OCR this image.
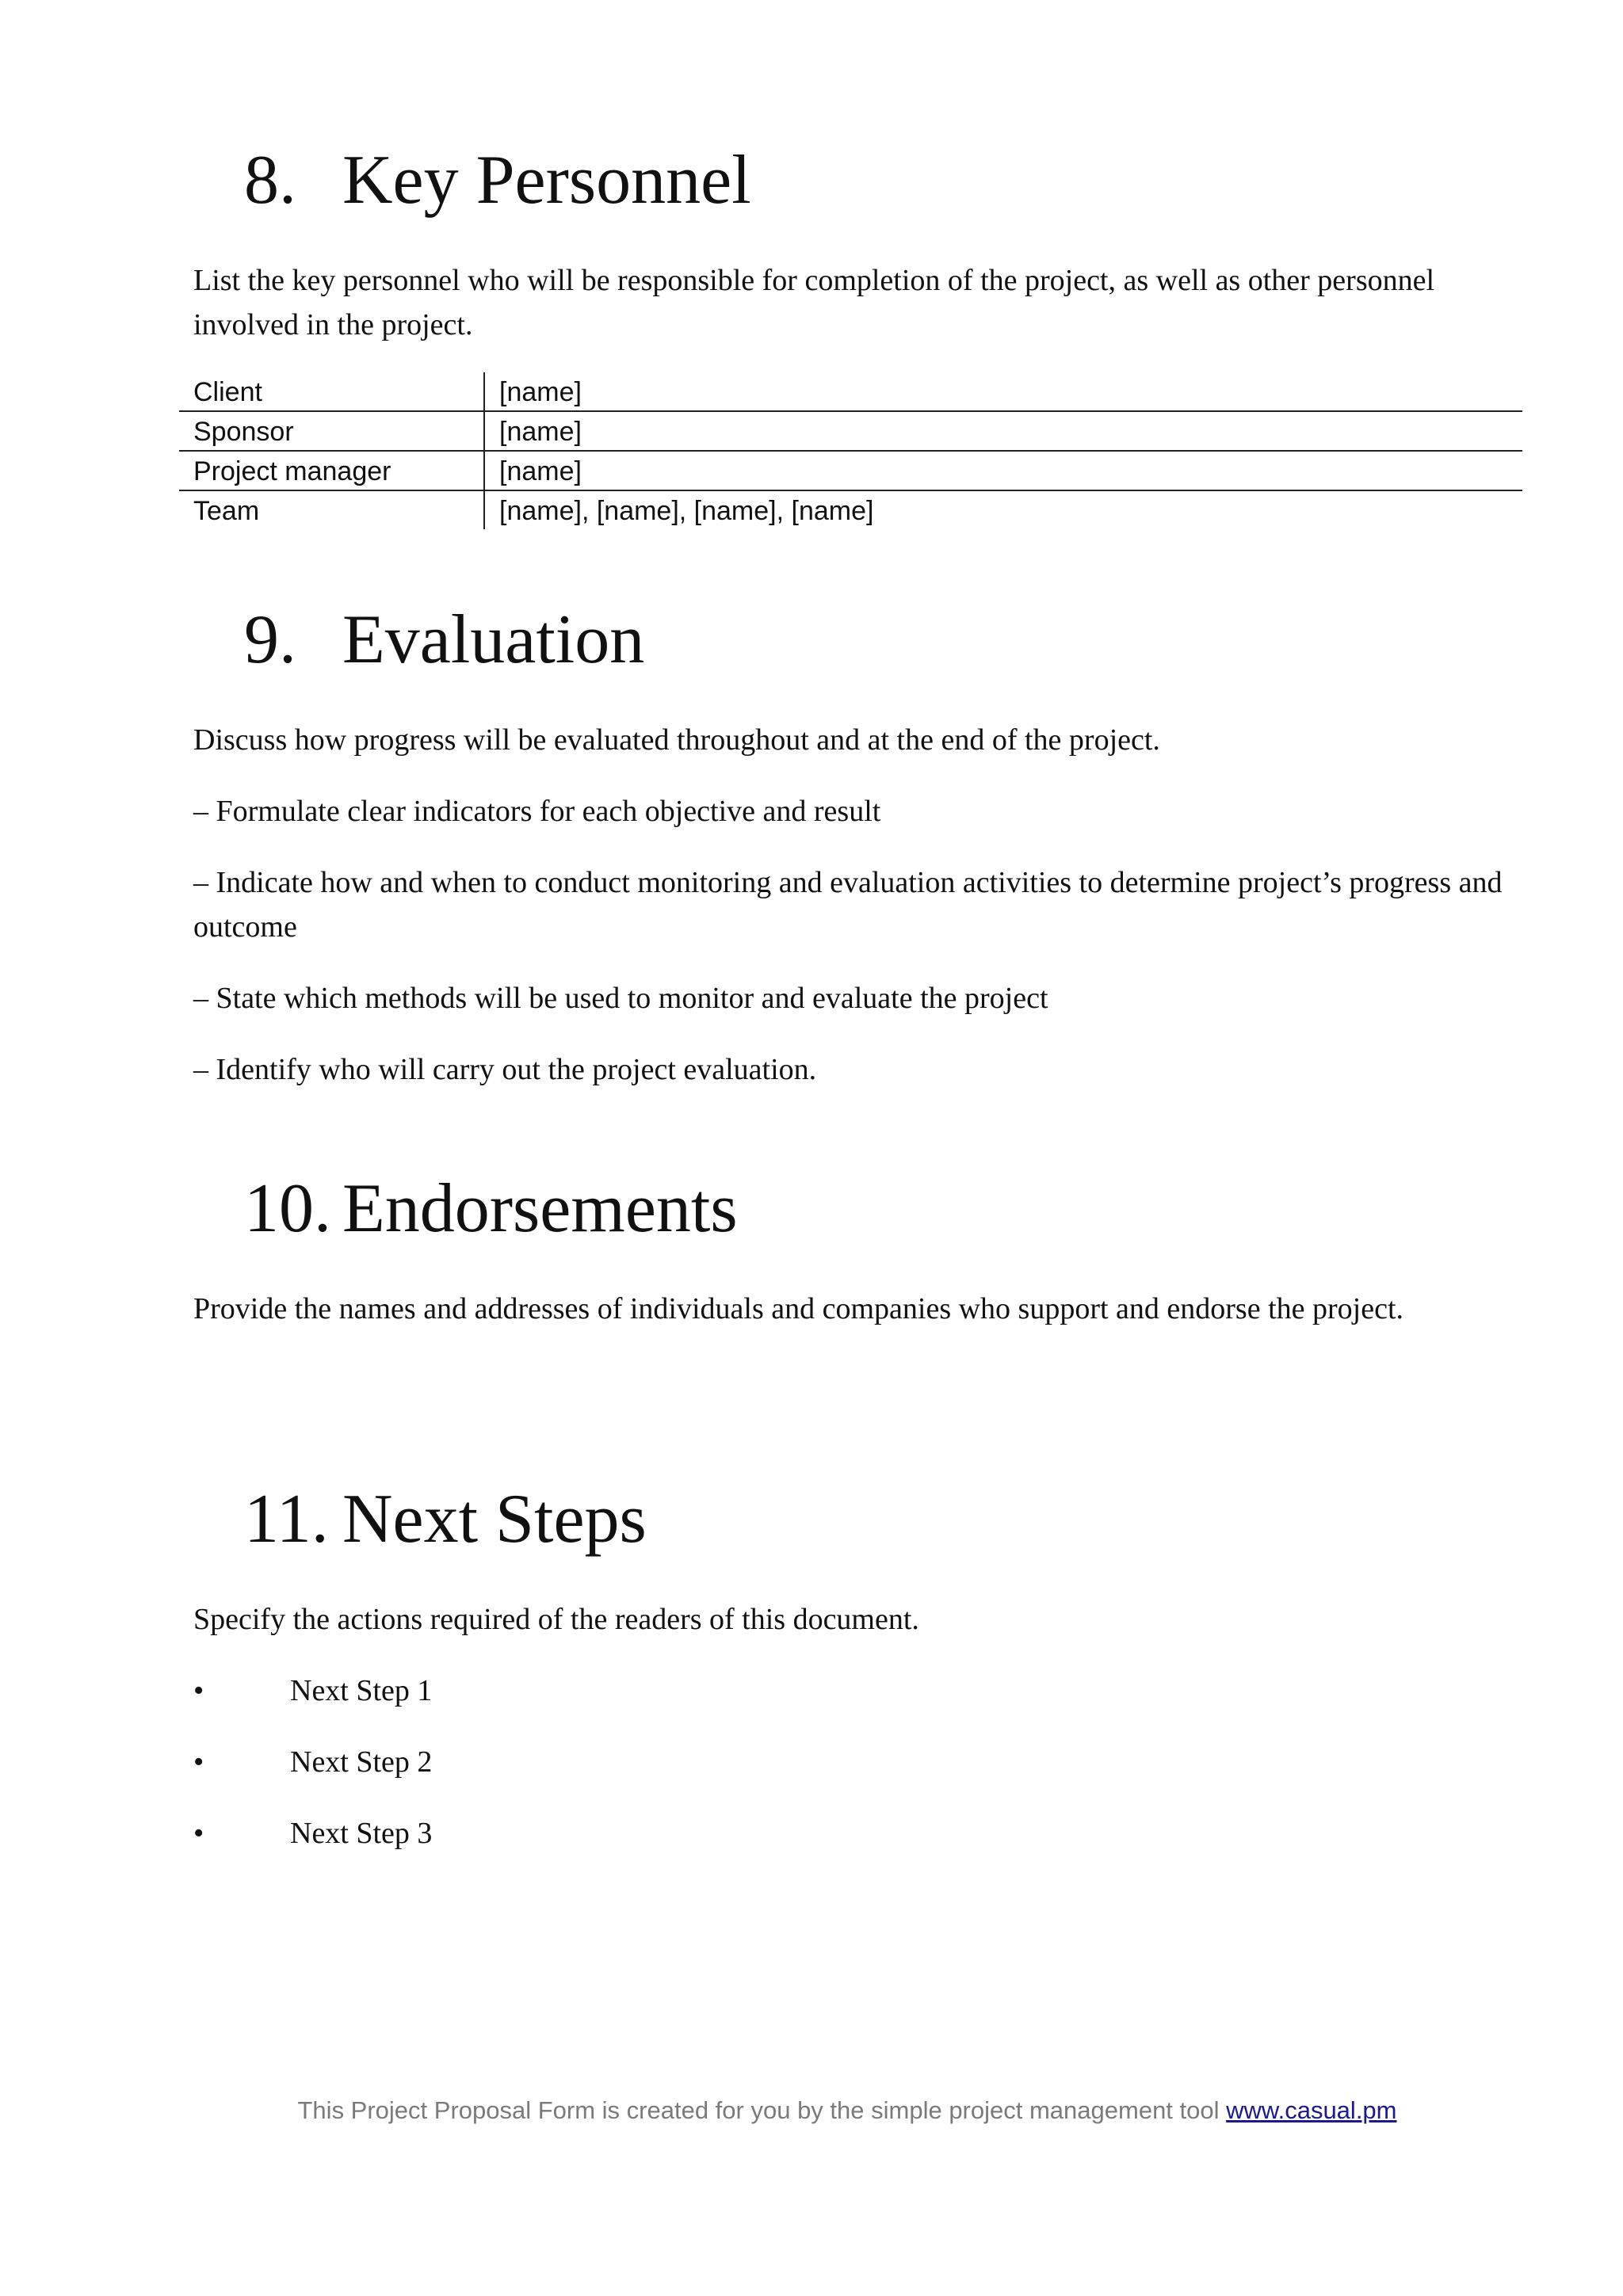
8. Key Personnel

List the key personnel who will be responsible for completion of the project, as well as other personnel involved in the project.

Client	[name]
Sponsor	[name]
Project manager	[name]
Team	[name], [name], [name], [name]
9. Evaluation

Discuss how progress will be evaluated throughout and at the end of the project.

– Formulate clear indicators for each objective and result

– Indicate how and when to conduct monitoring and evaluation activities to determine project’s progress and outcome

– State which methods will be used to monitor and evaluate the project

– Identify who will carry out the project evaluation.

10. Endorsements

Provide the names and addresses of individuals and companies who support and endorse the project.

11. Next Steps

Specify the actions required of the readers of this document.

•	Next Step 1
•	Next Step 2
•	Next Step 3
This Project Proposal Form is created for you by the simple project management tool www.casual.pm
